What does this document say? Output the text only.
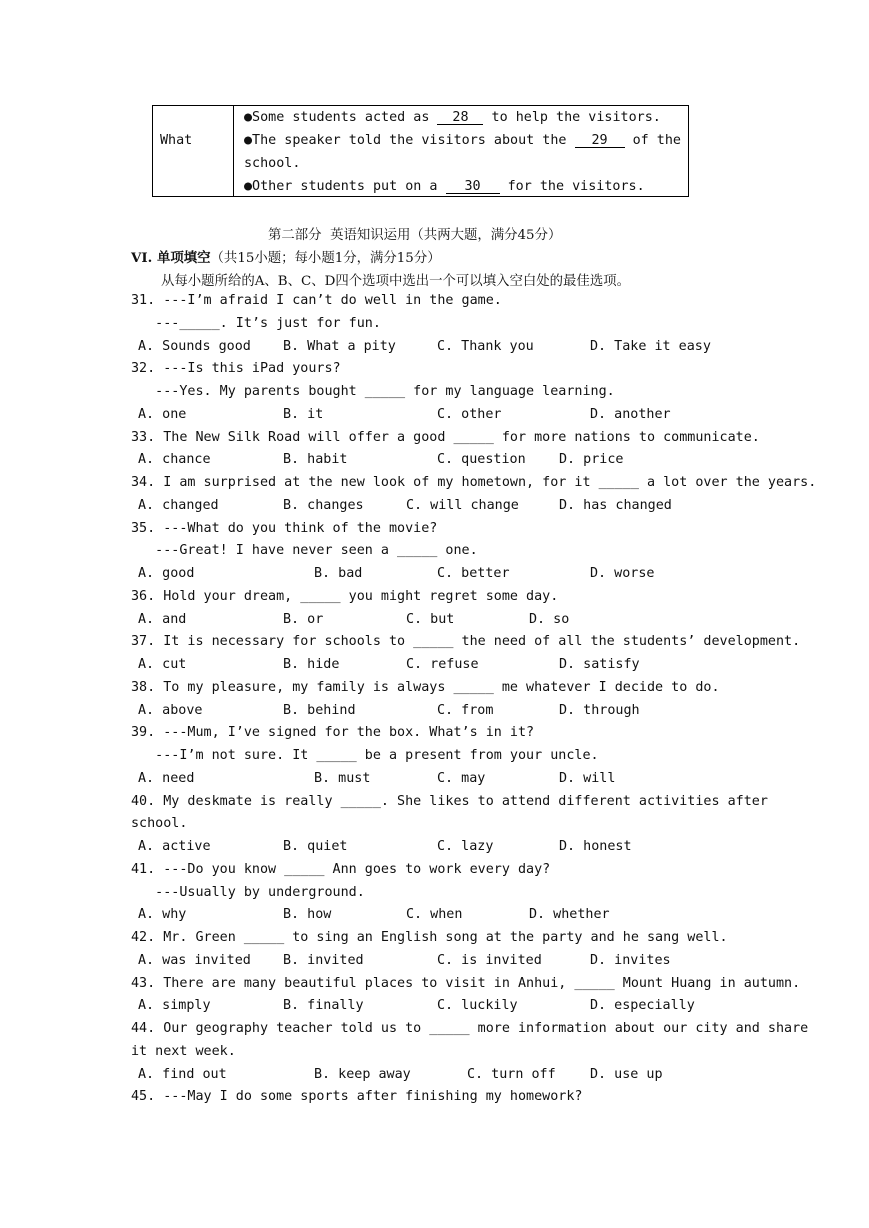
What
●Some students acted as 28 to help the visitors.
●The speaker told the visitors about the 29 of the
school.
●Other students put on a 30 for the visitors.
第二部分  英语知识运用（共两大题，满分45分）
VI. 单项填空（共15小题；每小题1分，满分15分）
从每小题所给的A、B、C、D四个选项中选出一个可以填入空白处的最佳选项。
31. ---I’m afraid I can’t do well in the game.
---_____. It’s just for fun.
A. Sounds good B. What a pity	C. Thank you	D. Take it easy
32. ---Is this iPad yours?
---Yes. My parents bought _____ for my language learning.
A. one	B. it	C. other	D. another
33. The New Silk Road will offer a good _____ for more nations to communicate.
A. chance	B. habit	C. question D. price
34. I am surprised at the new look of my hometown, for it _____ a lot over the years.
A. changed	B. changes	C. will change	D. has changed
35. ---What do you think of the movie?
---Great! I have never seen a _____ one.
A. good	B. bad	C. better	D. worse
36. Hold your dream, _____ you might regret some day.
A. and	B. or	C. but	D. so
37. It is necessary for schools to _____ the need of all the students’ development.
A. cut	B. hide	C. refuse	D. satisfy
38. To my pleasure, my family is always _____ me whatever I decide to do.
A. above	B. behind	C. from	D. through
39. ---Mum, I’ve signed for the box. What’s in it?
---I’m not sure. It _____ be a present from your uncle.
A. need	B. must	C. may	D. will
40. My deskmate is really _____. She likes to attend different activities after
school.
A. active	B. quiet	C. lazy	D. honest
41. ---Do you know _____ Ann goes to work every day?
---Usually by underground.
A. why	B. how	C. when	D. whether
42. Mr. Green _____ to sing an English song at the party and he sang well.
A. was invited B. invited	C. is invited	D. invites
43. There are many beautiful places to visit in Anhui, _____ Mount Huang in autumn.
A. simply	B. finally	C. luckily	D. especially
44. Our geography teacher told us to _____ more information about our city and share
it next week.
A. find out	B. keep away	C. turn off	D. use up
45. ---May I do some sports after finishing my homework?
